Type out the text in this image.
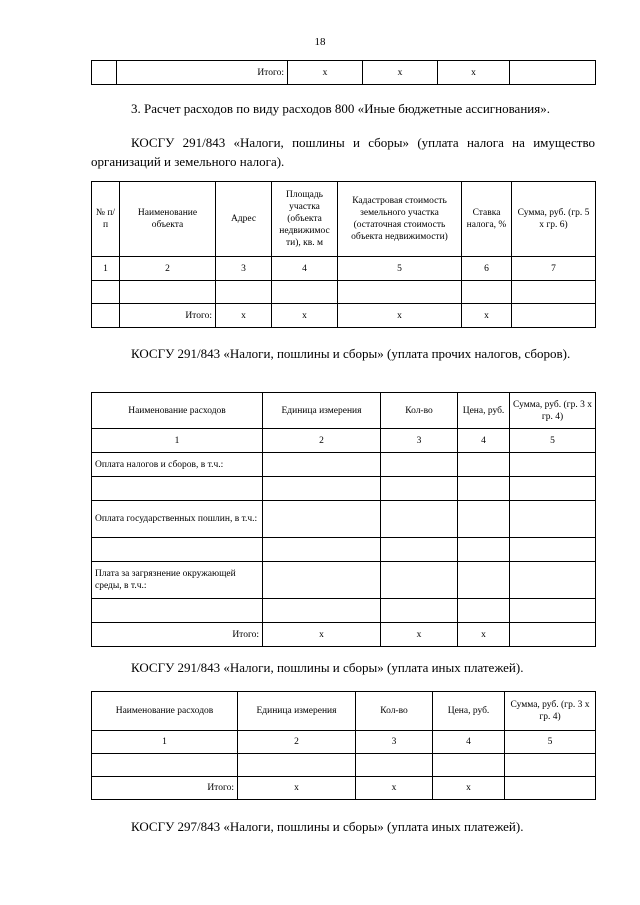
18
	Итого:	х	х	х	
3. Расчет расходов по виду расходов 800 «Иные бюджетные ассигнования».
КОСГУ 291/843 «Налоги, пошлины и сборы» (уплата налога на имущество организаций и земельного налога).
№ п/п	Наименование объекта	Адрес	Площадь участка (объекта недвижимос ти), кв. м	Кадастровая стоимость земельного участка (остаточная стоимость объекта недвижимости)	Ставка налога, %	Сумма, руб. (гр. 5 х гр. 6)
1	2	3	4	5	6	7

	Итого:	х	х	х	х	
КОСГУ 291/843 «Налоги, пошлины и сборы» (уплата прочих налогов, сборов).
Наименование расходов	Единица измерения	Кол-во	Цена, руб.	Сумма, руб. (гр. 3 х гр. 4)
1	2	3	4	5
Оплата налогов и сборов, в т.ч.:				

Оплата государственных пошлин, в т.ч.:				

Плата за загрязнение окружающей среды, в т.ч.:				

Итого:	х	х	х	
КОСГУ 291/843 «Налоги, пошлины и сборы» (уплата иных платежей).
Наименование расходов	Единица измерения	Кол-во	Цена, руб.	Сумма, руб. (гр. 3 х гр. 4)
1	2	3	4	5

Итого:	х	х	х	
КОСГУ 297/843 «Налоги, пошлины и сборы» (уплата иных платежей).
